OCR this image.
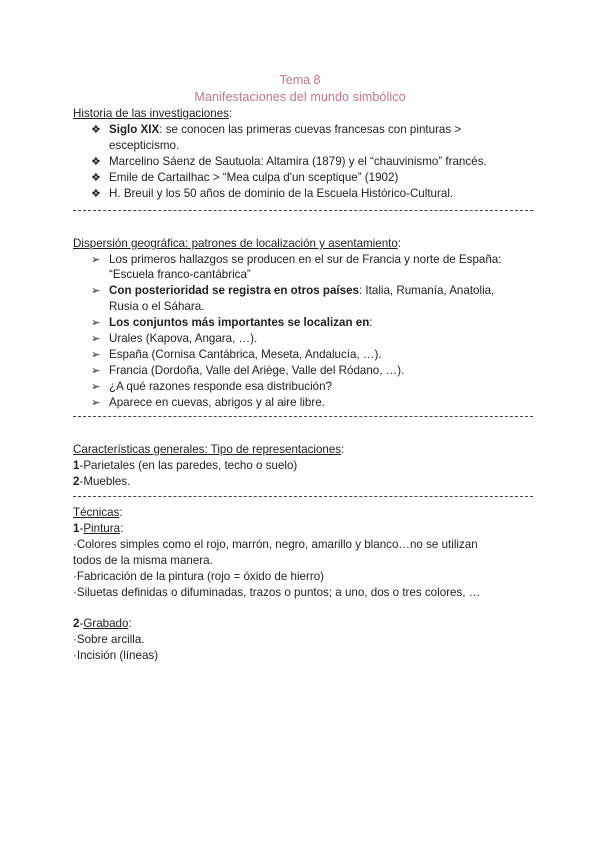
Tema 8
Manifestaciones del mundo simbólico
Historia de las investigaciones:
❖ Siglo XIX: se conocen las primeras cuevas francesas con pinturas >
escepticismo.
❖ Marcelino Sáenz de Sautuola: Altamira (1879) y el “chauvinismo” francés.
❖ Emile de Cartailhac > “Mea culpa d'un sceptique” (1902)
❖ H. Breuil y los 50 años de dominio de la Escuela Histórico-Cultural.
Dispersión geográfica: patrones de localización y asentamiento:
➢ Los primeros hallazgos se producen en el sur de Francia y norte de España:
“Escuela franco-cantábrica”
➢ Con posterioridad se registra en otros países: Italia, Rumanía, Anatolia,
Rusia o el Sáhara.
➢ Los conjuntos más importantes se localizan en:
➢ Urales (Kapova, Angara, …).
➢ España (Cornisa Cantábrica, Meseta, Andalucía, …).
➢ Francia (Dordoña, Valle del Ariège, Valle del Ródano, …).
➢ ¿A qué razones responde esa distribución?
➢ Aparece en cuevas, abrigos y al aire libre.
Características generales: Tipo de representaciones:
1-Parietales (en las paredes, techo o suelo)
2-Muebles.
Técnicas:
1-Pintura:
·Colores simples como el rojo, marrón, negro, amarillo y blanco…no se utilizan
todos de la misma manera.
·Fabricación de la pintura (rojo = óxido de hierro)
·Siluetas definidas o difuminadas, trazos o puntos; a uno, dos o tres colores, …
2-Grabado:
·Sobre arcilla.
·Incisión (líneas)
